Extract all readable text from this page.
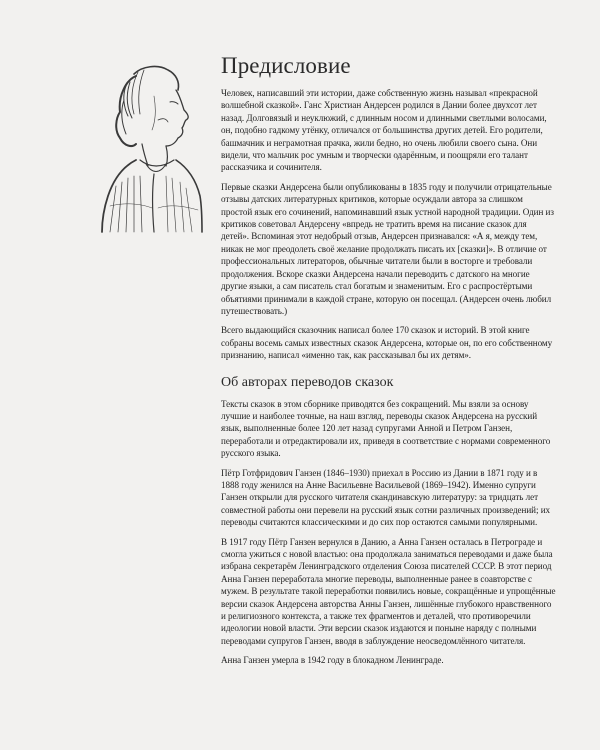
Предисловие

Человек, написавший эти истории, даже собственную жизнь называл «прекрасной волшебной сказкой». Ганс Христиан Андерсен родился в Дании более двухсот лет назад. Долговязый и неуклюжий, с длинным носом и длинными светлыми волосами, он, подобно гадкому утёнку, отличался от большинства других детей. Его родители, башмачник и неграмотная прачка, жили бедно, но очень любили своего сына. Они видели, что мальчик рос умным и творчески одарённым, и поощряли его талант рассказчика и сочинителя.

Первые сказки Андерсена были опубликованы в 1835 году и получили отрицательные отзывы датских литературных критиков, которые осуждали автора за слишком простой язык его сочинений, напоминавший язык устной народной традиции. Один из критиков советовал Андерсену «впредь не тратить время на писание сказок для детей». Вспоминая этот недобрый отзыв, Андерсен признавался: «А я, между тем, никак не мог преодолеть своё желание продолжать писать их [сказки]». В отличие от профессиональных литераторов, обычные читатели были в восторге и требовали продолжения. Вскоре сказки Андерсена начали переводить с датского на многие другие языки, а сам писатель стал богатым и знаменитым. Его с распростёртыми объятиями принимали в каждой стране, которую он посещал. (Андерсен очень любил путешествовать.)

Всего выдающийся сказочник написал более 170 сказок и историй. В этой книге собраны восемь самых известных сказок Андерсена, которые он, по его собственному признанию, написал «именно так, как рассказывал бы их детям».

Об авторах переводов сказок

Тексты сказок в этом сборнике приводятся без сокращений. Мы взяли за основу лучшие и наиболее точные, на наш взгляд, переводы сказок Андерсена на русский язык, выполненные более 120 лет назад супругами Анной и Петром Ганзен, переработали и отредактировали их, приведя в соответствие с нормами современного русского языка.

Пётр Готфридович Ганзен (1846–1930) приехал в Россию из Дании в 1871 году и в 1888 году женился на Анне Васильевне Васильевой (1869–1942). Именно супруги Ганзен открыли для русского читателя скандинавскую литературу: за тридцать лет совместной работы они перевели на русский язык сотни различных произведений; их переводы считаются классическими и до сих пор остаются самыми популярными.

В 1917 году Пётр Ганзен вернулся в Данию, а Анна Ганзен осталась в Петрограде и смогла ужиться с новой властью: она продолжала заниматься переводами и даже была избрана секретарём Ленинградского отделения Союза писателей СССР. В этот период Анна Ганзен переработала многие переводы, выполненные ранее в соавторстве с мужем. В результате такой переработки появились новые, сокращённые и упрощённые версии сказок Андерсена авторства Анны Ганзен, лишённые глубокого нравственного и религиозного контекста, а также тех фрагментов и деталей, что противоречили идеологии новой власти. Эти версии сказок издаются и поныне наряду с полными переводами супругов Ганзен, вводя в заблуждение неосведомлённого читателя.

Анна Ганзен умерла в 1942 году в блокадном Ленинграде.
